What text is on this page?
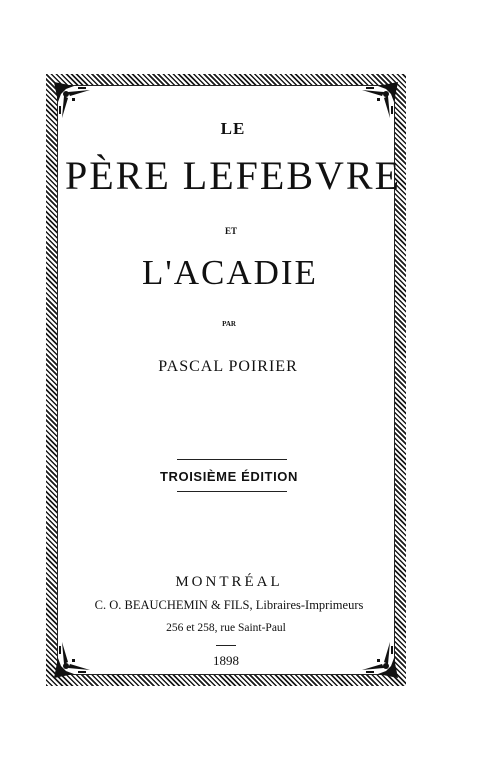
LE
PÈRE LEFEBVRE
ET
L'ACADIE
PAR
PASCAL POIRIER
TROISIÈME ÉDITION
MONTRÉAL
C. O. BEAUCHEMIN & FILS, Libraires-Imprimeurs
256 et 258, rue Saint-Paul
1898
